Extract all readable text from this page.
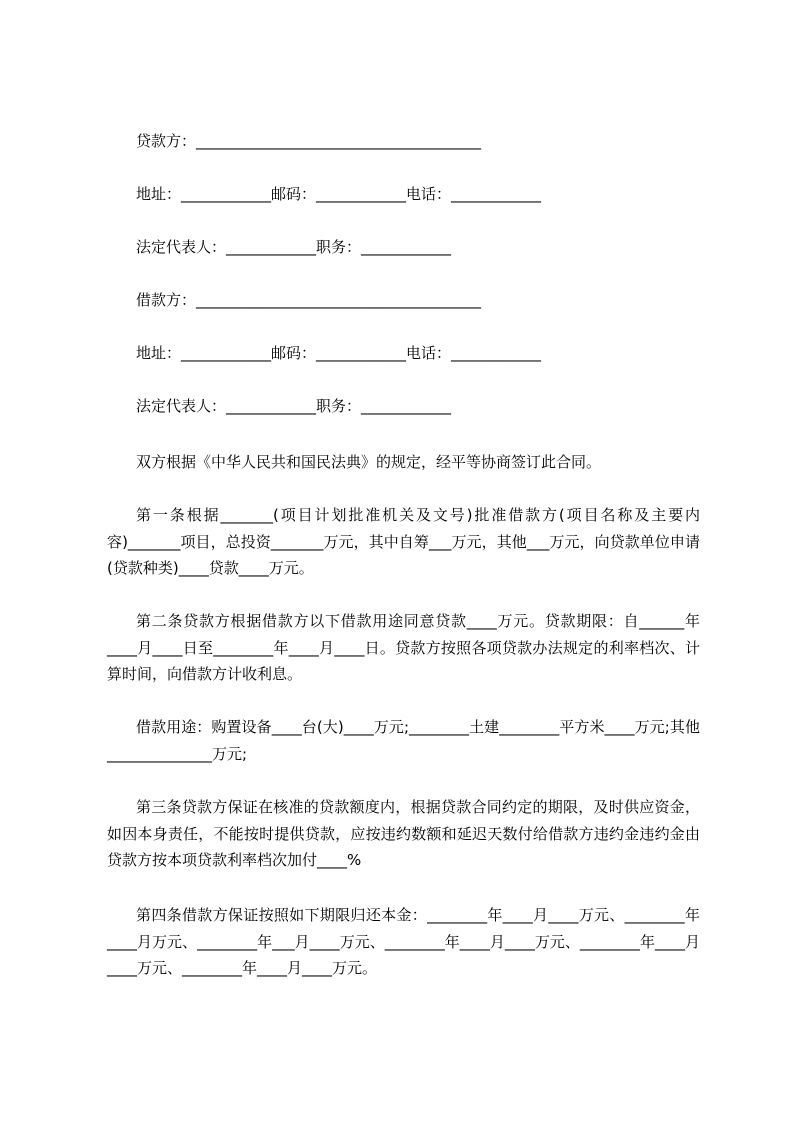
贷款方：______________________________________
地址：____________邮码：____________电话：____________
法定代表人：____________职务：____________
借款方：______________________________________
地址：____________邮码：____________电话：____________
法定代表人：____________职务：____________
双方根据《中华人民共和国民法典》的规定，经平等协商签订此合同。
第一条根据_______(项目计划批准机关及文号)批准借款方(项目名称及主要内容)_______项目，总投资_______万元，其中自筹___万元，其他___万元，向贷款单位申请(贷款种类)____贷款____万元。
第二条贷款方根据借款方以下借款用途同意贷款____万元。贷款期限：自______年____月____日至________年____月____日。贷款方按照各项贷款办法规定的利率档次、计算时间，向借款方计收利息。
借款用途：购置设备____台(大)____万元;________土建________平方米____万元;其他______________万元;
第三条贷款方保证在核准的贷款额度内，根据贷款合同约定的期限，及时供应资金，如因本身责任，不能按时提供贷款，应按违约数额和延迟天数付给借款方违约金违约金由贷款方按本项贷款利率档次加付____%
第四条借款方保证按照如下期限归还本金：________年____月____万元、________年____月万元、________年___月____万元、________年____月____万元、________年____月____万元、________年____月____万元。
